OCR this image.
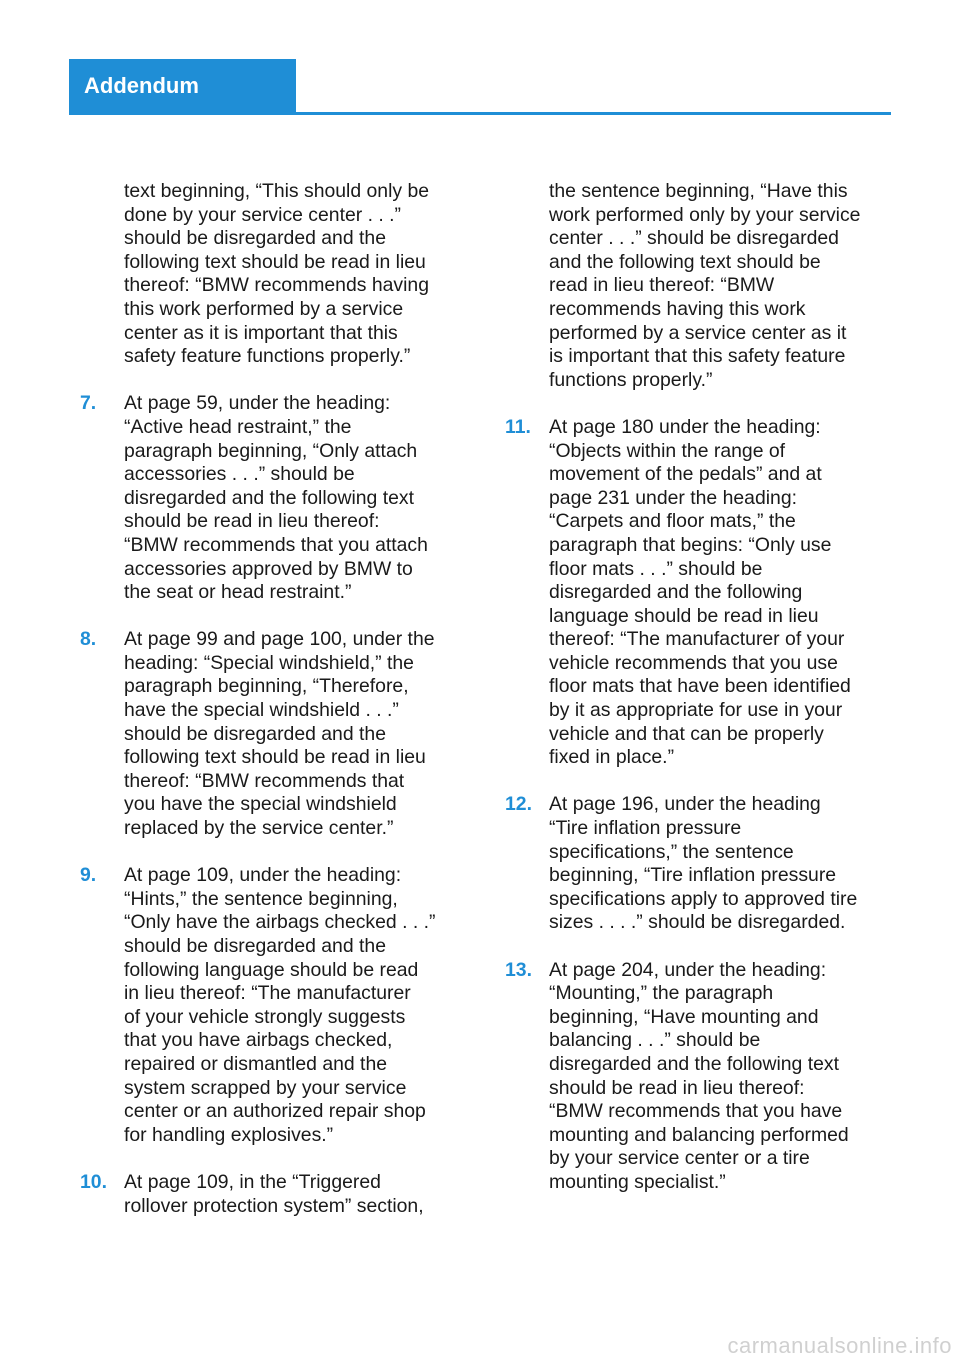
Addendum
text beginning, “This should only be
done by your service center . . .”
should be disregarded and the
following text should be read in lieu
thereof: “BMW recommends having
this work performed by a service
center as it is important that this
safety feature functions properly.”
7.	At page 59, under the heading:
“Active head restraint,” the
paragraph beginning, “Only attach
accessories . . .” should be
disregarded and the following text
should be read in lieu thereof:
“BMW recommends that you attach
accessories approved by BMW to
the seat or head restraint.”
8.	At page 99 and page 100, under the
heading: “Special windshield,” the
paragraph beginning, “Therefore,
have the special windshield . . .”
should be disregarded and the
following text should be read in lieu
thereof: “BMW recommends that
you have the special windshield
replaced by the service center.”
9.	At page 109, under the heading:
“Hints,” the sentence beginning,
“Only have the airbags checked . . .”
should be disregarded and the
following language should be read
in lieu thereof: “The manufacturer
of your vehicle strongly suggests
that you have airbags checked,
repaired or dismantled and the
system scrapped by your service
center or an authorized repair shop
for handling explosives.”
10. At page 109, in the “Triggered
rollover protection system” section,
the sentence beginning, “Have this
work performed only by your service
center . . .” should be disregarded
and the following text should be
read in lieu thereof: “BMW
recommends having this work
performed by a service center as it
is important that this safety feature
functions properly.”
11. At page 180 under the heading:
“Objects within the range of
movement of the pedals” and at
page 231 under the heading:
“Carpets and floor mats,” the
paragraph that begins: “Only use
floor mats . . .” should be
disregarded and the following
language should be read in lieu
thereof: “The manufacturer of your
vehicle recommends that you use
floor mats that have been identified
by it as appropriate for use in your
vehicle and that can be properly
fixed in place.”
12. At page 196, under the heading
“Tire inflation pressure
specifications,” the sentence
beginning, “Tire inflation pressure
specifications apply to approved tire
sizes . . . .” should be disregarded.
13. At page 204, under the heading:
“Mounting,” the paragraph
beginning, “Have mounting and
balancing . . .” should be
disregarded and the following text
should be read in lieu thereof:
“BMW recommends that you have
mounting and balancing performed
by your service center or a tire
mounting specialist.”
carmanualsonline.info
